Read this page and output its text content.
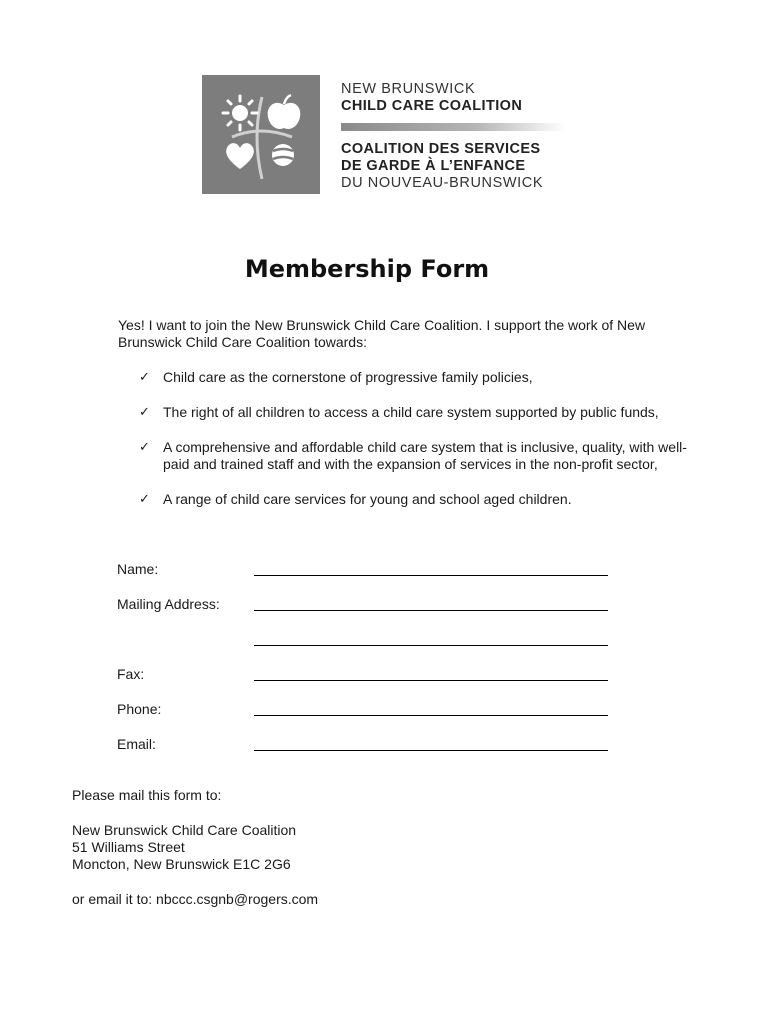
NEW BRUNSWICK
CHILD CARE COALITION
COALITION DES SERVICES
DE GARDE À L’ENFANCE
DU NOUVEAU-BRUNSWICK
Membership Form
Yes! I want to join the New Brunswick Child Care Coalition. I support the work of New Brunswick Child Care Coalition towards:
✓ Child care as the cornerstone of progressive family policies,
✓ The right of all children to access a child care system supported by public funds,
✓ A comprehensive and affordable child care system that is inclusive, quality, with well-paid and trained staff and with the expansion of services in the non-profit sector,
✓ A range of child care services for young and school aged children.
Name:
Mailing Address:
Fax:
Phone:
Email:
Please mail this form to:
New Brunswick Child Care Coalition
51 Williams Street
Moncton, New Brunswick E1C 2G6
or email it to: nbccc.csgnb@rogers.com
